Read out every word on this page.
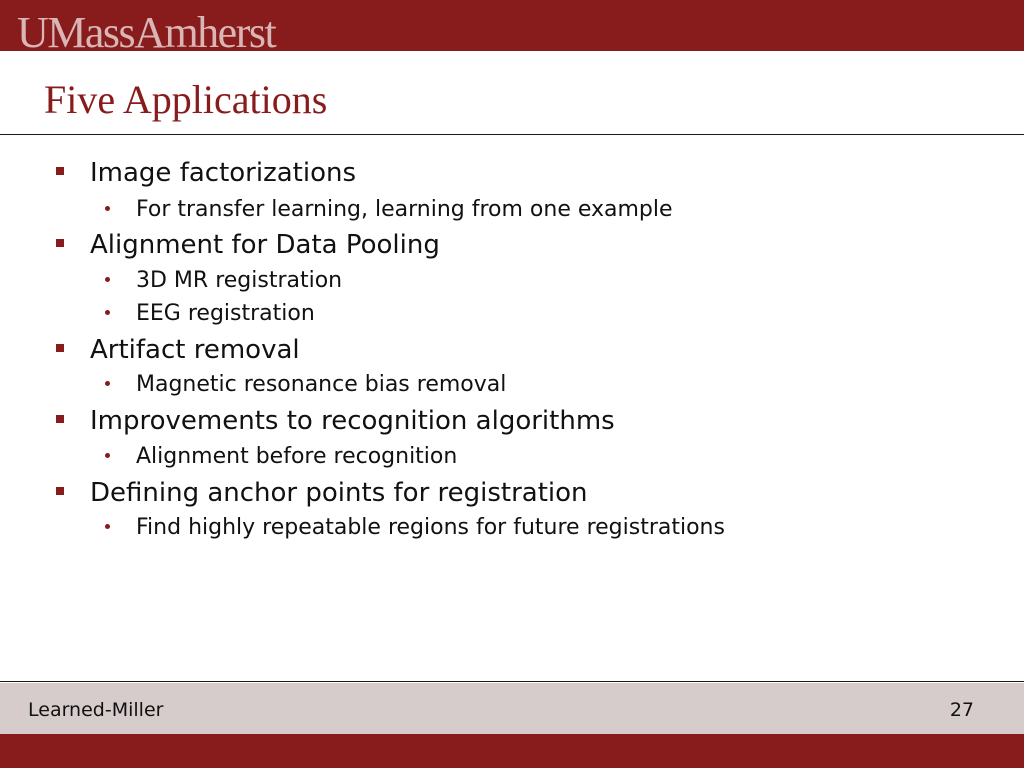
UMassAmherst
Five Applications
Image factorizations
For transfer learning, learning from one example
Alignment for Data Pooling
3D MR registration
EEG registration
Artifact removal
Magnetic resonance bias removal
Improvements to recognition algorithms
Alignment before recognition
Defining anchor points for registration
Find highly repeatable regions for future registrations
Learned-Miller	27
